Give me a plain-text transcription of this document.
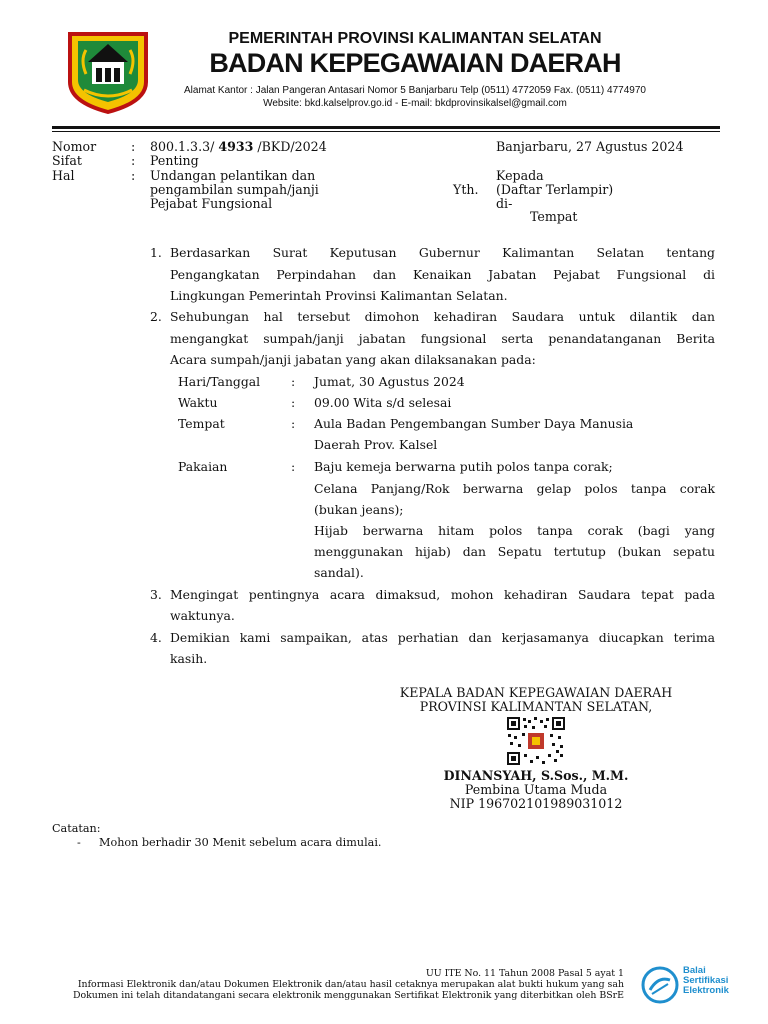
PEMERINTAH PROVINSI KALIMANTAN SELATAN
BADAN KEPEGAWAIAN DAERAH
Alamat Kantor : Jalan Pangeran Antasari Nomor 5 Banjarbaru Telp (0511) 4772059 Fax. (0511) 4774970
Website: bkd.kalselprov.go.id - E-mail: bkdprovinsikalsel@gmail.com
Nomor	: 800.1.3.3/ 4933 /BKD/2024
Sifat	: Penting
Hal	: Undangan pelantikan dan
pengambilan sumpah/janji
Pejabat Fungsional
Banjarbaru, 27 Agustus 2024
Kepada
Yth. (Daftar Terlampir)
di-
Tempat
1. Berdasarkan Surat Keputusan Gubernur Kalimantan Selatan tentang
Pengangkatan Perpindahan dan Kenaikan Jabatan Pejabat Fungsional di
Lingkungan Pemerintah Provinsi Kalimantan Selatan.
2. Sehubungan hal tersebut dimohon kehadiran Saudara untuk dilantik dan
mengangkat sumpah/janji jabatan fungsional serta penandatanganan Berita
Acara sumpah/janji jabatan yang akan dilaksanakan pada:
Hari/Tanggal : Jumat, 30 Agustus 2024
Waktu	: 09.00 Wita s/d selesai
Tempat	: Aula Badan Pengembangan Sumber Daya Manusia
Daerah Prov. Kalsel
Pakaian	: Baju kemeja berwarna putih polos tanpa corak;
Celana Panjang/Rok berwarna gelap polos tanpa corak
(bukan jeans);
Hijab berwarna hitam polos tanpa corak (bagi yang
menggunakan hijab) dan Sepatu tertutup (bukan sepatu
sandal).
3. Mengingat pentingnya acara dimaksud, mohon kehadiran Saudara tepat pada
waktunya.
4. Demikian kami sampaikan, atas perhatian dan kerjasamanya diucapkan terima
kasih.
KEPALA BADAN KEPEGAWAIAN DAERAH
PROVINSI KALIMANTAN SELATAN,
DINANSYAH, S.Sos., M.M.
Pembina Utama Muda
NIP 196702101989031012
Catatan:
- Mohon berhadir 30 Menit sebelum acara dimulai.
UU ITE No. 11 Tahun 2008 Pasal 5 ayat 1
Informasi Elektronik dan/atau Dokumen Elektronik dan/atau hasil cetaknya merupakan alat bukti hukum yang sah
Dokumen ini telah ditandatangani secara elektronik menggunakan Sertifikat Elektronik yang diterbitkan oleh BSrE
Balai
Sertifikasi
Elektronik
